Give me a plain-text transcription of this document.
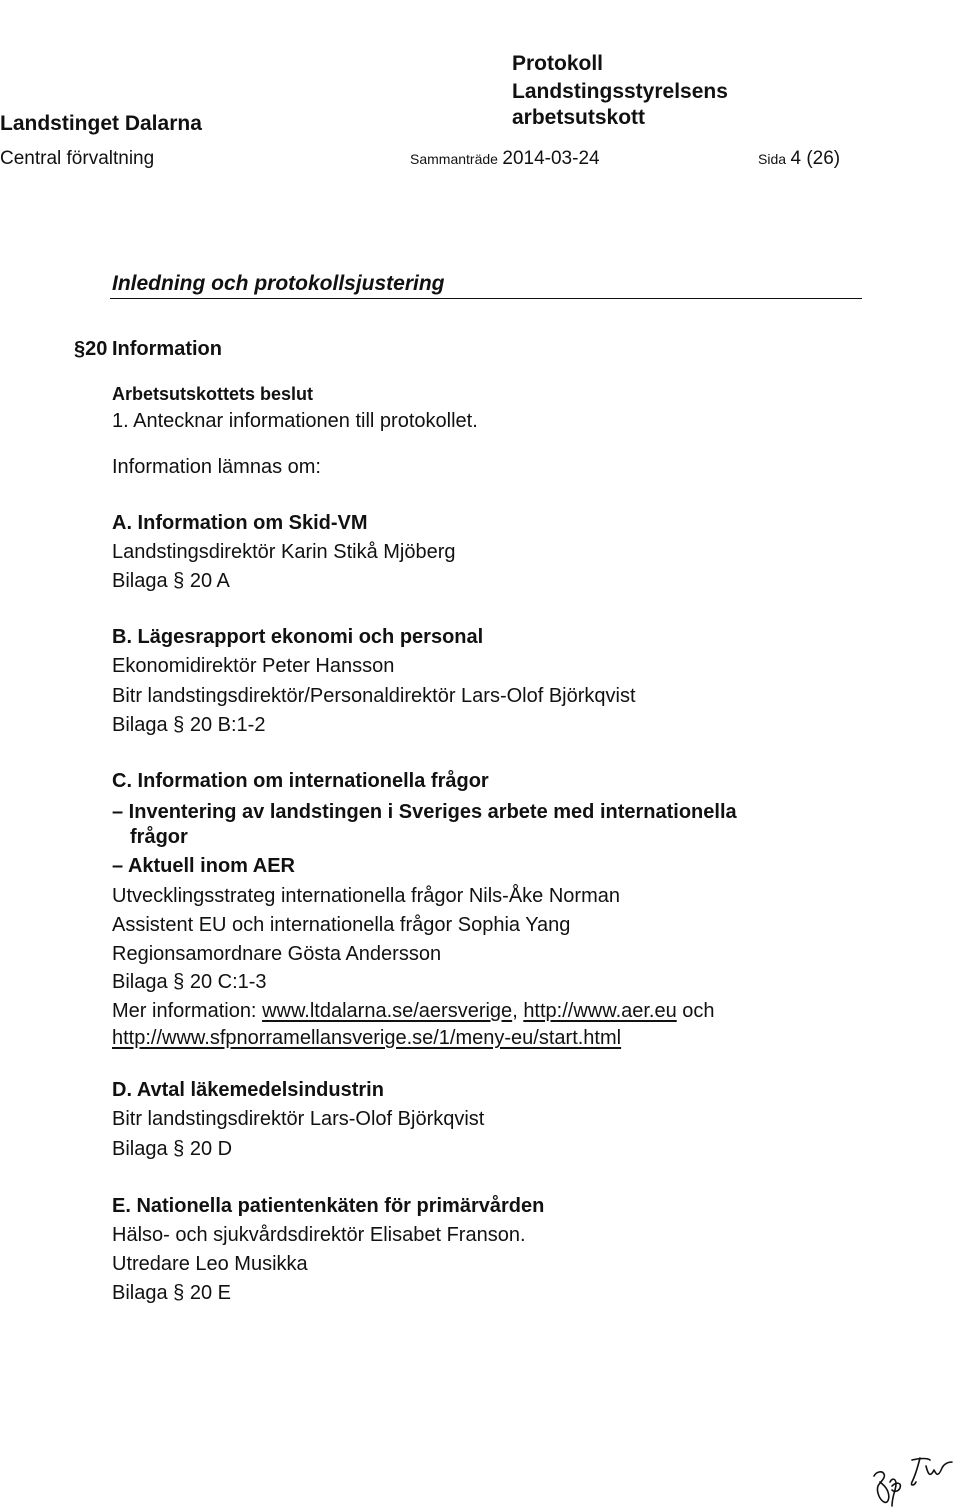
Landstinget Dalarna
Central förvaltning
Protokoll
Landstingsstyrelsens
arbetsutskott
Sammanträde 2014-03-24	Sida 4 (26)
Inledning och protokollsjustering
§20 Information
Arbetsutskottets beslut
1. Antecknar informationen till protokollet.
Information lämnas om:
A. Information om Skid-VM
Landstingsdirektör Karin Stikå Mjöberg
Bilaga § 20 A
B. Lägesrapport ekonomi och personal
Ekonomidirektör Peter Hansson
Bitr landstingsdirektör/Personaldirektör Lars-Olof Björkqvist
Bilaga § 20 B:1-2
C. Information om internationella frågor
– Inventering av landstingen i Sveriges arbete med internationella
frågor
– Aktuell inom AER
Utvecklingsstrateg internationella frågor Nils-Åke Norman
Assistent EU och internationella frågor Sophia Yang
Regionsamordnare Gösta Andersson
Bilaga § 20 C:1-3
Mer information: www.ltdalarna.se/aersverige, http://www.aer.eu och
http://www.sfpnorramellansverige.se/1/meny-eu/start.html
D. Avtal läkemedelsindustrin
Bitr landstingsdirektör Lars-Olof Björkqvist
Bilaga § 20 D
E. Nationella patientenkäten för primärvården
Hälso- och sjukvårdsdirektör Elisabet Franson.
Utredare Leo Musikka
Bilaga § 20 E
